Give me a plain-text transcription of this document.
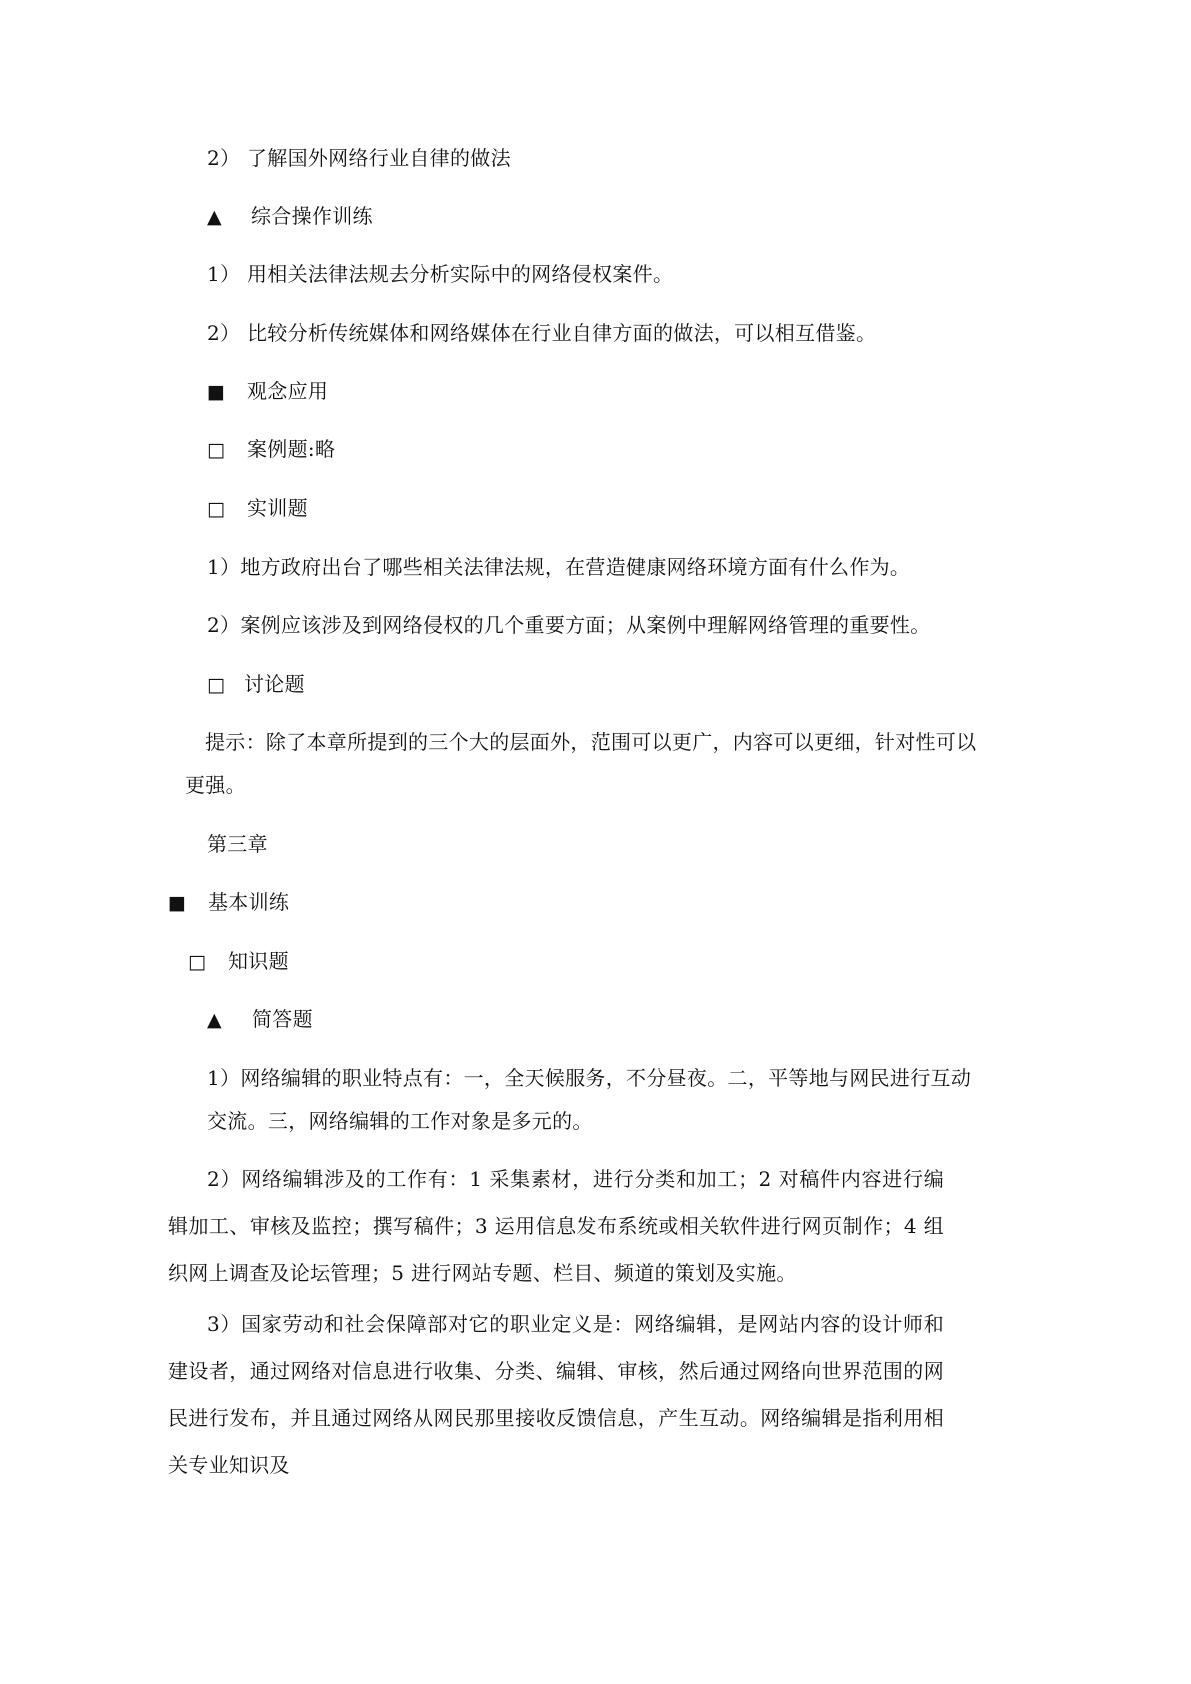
2） 了解国外网络行业自律的做法
▲ 综合操作训练
1） 用相关法律法规去分析实际中的网络侵权案件。
2） 比较分析传统媒体和网络媒体在行业自律方面的做法，可以相互借鉴。
■ 观念应用
□ 案例题:略
□ 实训题
1）地方政府出台了哪些相关法律法规，在营造健康网络环境方面有什么作为。
2）案例应该涉及到网络侵权的几个重要方面；从案例中理解网络管理的重要性。
□ 讨论题
提示：除了本章所提到的三个大的层面外，范围可以更广，内容可以更细，针对性可以
更强。
第三章
■ 基本训练
□ 知识题
▲ 简答题
1）网络编辑的职业特点有：一，全天候服务，不分昼夜。二，平等地与网民进行互动
交流。三，网络编辑的工作对象是多元的。
2）网络编辑涉及的工作有：1 采集素材，进行分类和加工；2 对稿件内容进行编辑加工、审核及监控；撰写稿件；3 运用信息发布系统或相关软件进行网页制作；4 组织网上调查及论坛管理；5 进行网站专题、栏目、频道的策划及实施。
3）国家劳动和社会保障部对它的职业定义是：网络编辑，是网站内容的设计师和建设者，通过网络对信息进行收集、分类、编辑、审核，然后通过网络向世界范围的网民进行发布，并且通过网络从网民那里接收反馈信息，产生互动。网络编辑是指利用相关专业知识及
